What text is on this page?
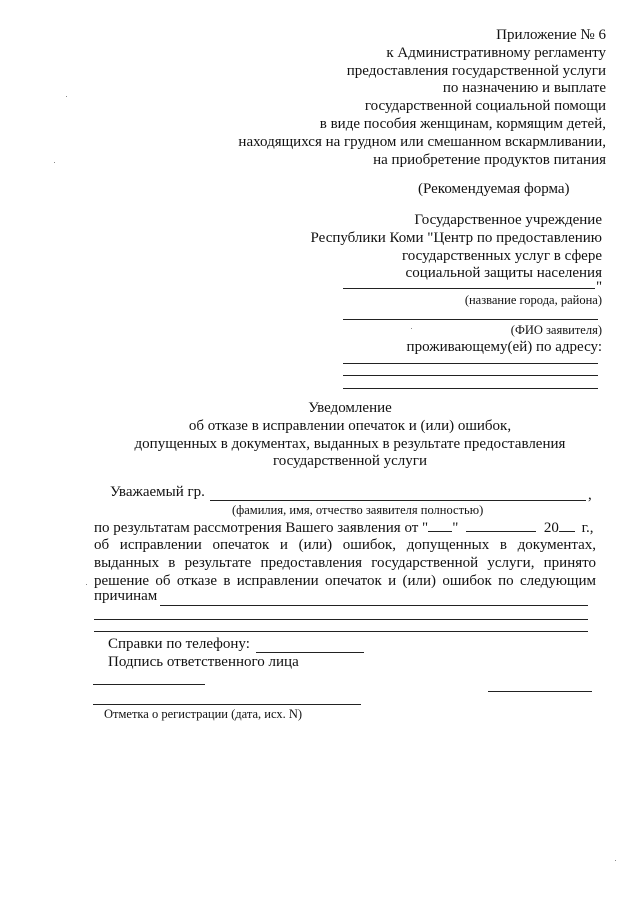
Приложение № 6
к Административному регламенту
предоставления государственной услуги
по назначению и выплате
государственной социальной помощи
в виде пособия женщинам, кормящим детей,
находящихся на грудном или смешанном вскармливании,
на приобретение продуктов питания
(Рекомендуемая форма)
Государственное учреждение
Республики Коми "Центр по предоставлению
государственных услуг в сфере
социальной защиты населения
"
(название города, района)
(ФИО заявителя)
проживающему(ей) по адресу:
Уведомление
об отказе в исправлении опечаток и (или) ошибок,
допущенных в документах, выданных в результате предоставления
государственной услуги
Уважаемый гр.	,
(фамилия, имя, отчество заявителя полностью)
по результатам рассмотрения Вашего заявления от " "	20 г.,
об исправлении опечаток и (или) ошибок, допущенных в документах,
выданных в результате предоставления государственной услуги, принято
решение об отказе в исправлении опечаток и (или) ошибок по следующим
причинам
Справки по телефону:
Подпись ответственного лица
Отметка о регистрации (дата, исх. N)
